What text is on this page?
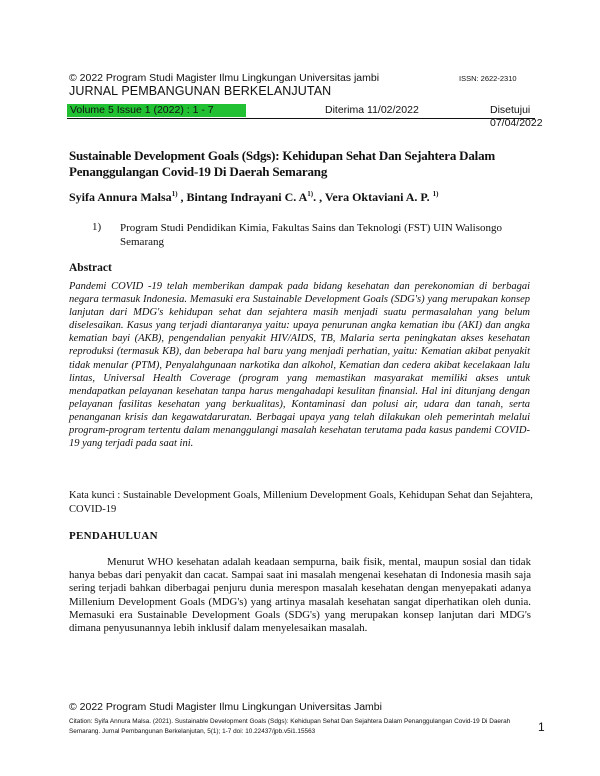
© 2022 Program Studi Magister Ilmu Lingkungan Universitas jambi	ISSN: 2622-2310
JURNAL PEMBANGUNAN BERKELANJUTAN
Volume 5 Issue 1 (2022) : 1 - 7	Diterima 11/02/2022	Disetujui 07/04/2022
Sustainable Development Goals (Sdgs): Kehidupan Sehat Dan Sejahtera Dalam Penanggulangan Covid-19 Di Daerah Semarang
Syifa Annura Malsa$^{1)}$ , Bintang Indrayani C. $A^{1)}$. , Vera Oktaviani A. P. $^{1)}$
1) Program Studi Pendidikan Kimia, Fakultas Sains dan Teknologi (FST) UIN Walisongo Semarang
Abstract
Pandemi COVID -19 telah memberikan dampak pada bidang kesehatan dan perekonomian di berbagai negara termasuk Indonesia. Memasuki era Sustainable Development Goals (SDG's) yang merupakan konsep lanjutan dari MDG's kehidupan sehat dan sejahtera masih menjadi suatu permasalahan yang belum diselesaikan. Kasus yang terjadi diantaranya yaitu: upaya penurunan angka kematian ibu (AKI) dan angka kematian bayi (AKB), pengendalian penyakit HIV/AIDS, TB, Malaria serta peningkatan akses kesehatan reproduksi (termasuk KB), dan beberapa hal baru yang menjadi perhatian, yaitu: Kematian akibat penyakit tidak menular (PTM), Penyalahgunaan narkotika dan alkohol, Kematian dan cedera akibat kecelakaan lalu lintas, Universal Health Coverage (program yang memastikan masyarakat memiliki akses untuk mendapatkan pelayanan kesehatan tanpa harus mengahadapi kesulitan finansial. Hal ini ditunjang dengan pelayanan fasilitas kesehatan yang berkualitas), Kontaminasi dan polusi air, udara dan tanah, serta penanganan krisis dan kegawatdaruratan. Berbagai upaya yang telah dilakukan oleh pemerintah melalui program-program tertentu dalam menanggulangi masalah kesehatan terutama pada kasus pandemi COVID-19 yang terjadi pada saat ini.
Kata kunci : Sustainable Development Goals, Millenium Development Goals, Kehidupan Sehat dan Sejahtera, COVID-19
PENDAHULUAN
Menurut WHO kesehatan adalah keadaan sempurna, baik fisik, mental, maupun sosial dan tidak hanya bebas dari penyakit dan cacat. Sampai saat ini masalah mengenai kesehatan di Indonesia masih saja sering terjadi bahkan diberbagai penjuru dunia merespon masalah kesehatan dengan menyepakati adanya Millenium Development Goals (MDG's) yang artinya masalah kesehatan sangat diperhatikan oleh dunia. Memasuki era Sustainable Development Goals (SDG's) yang merupakan konsep lanjutan dari MDG's dimana penyusunannya lebih inklusif dalam menyelesaikan masalah.
© 2022 Program Studi Magister Ilmu Lingkungan Universitas Jambi
Citation: Syifa Annura Malsa. (2021). Sustainable Development Goals (Sdgs): Kehidupan Sehat Dan Sejahtera Dalam Penanggulangan Covid-19 Di Daerah Semarang. Jurnal Pembangunan Berkelanjutan, 5(1); 1-7 doi: 10.22437/jpb.v5i1.15563	1
